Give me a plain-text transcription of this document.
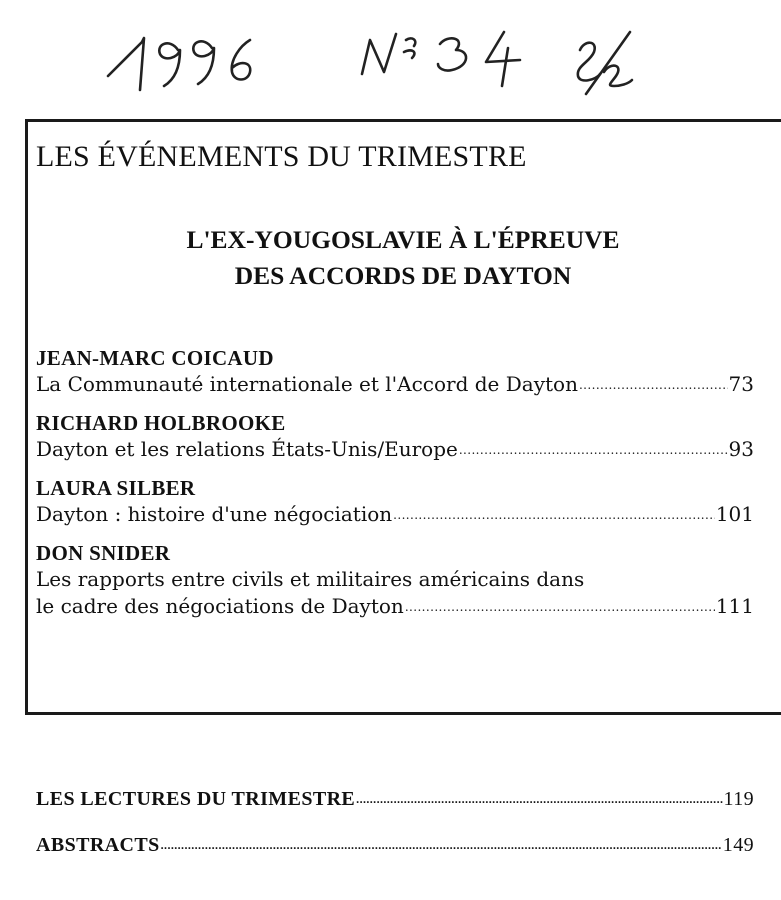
LES ÉVÉNEMENTS DU TRIMESTRE
L'EX-YOUGOSLAVIE À L'ÉPREUVE
DES ACCORDS DE DAYTON
JEAN-MARC COICAUD
La Communauté internationale et l'Accord de Dayton .....	73
RICHARD HOLBROOKE
Dayton et les relations États-Unis/Europe .....	93
LAURA SILBER
Dayton : histoire d'une négociation .....	101
DON SNIDER
Les rapports entre civils et militaires américains dans
le cadre des négociations de Dayton .....	111
LES LECTURES DU TRIMESTRE .....	119
ABSTRACTS .....	149
